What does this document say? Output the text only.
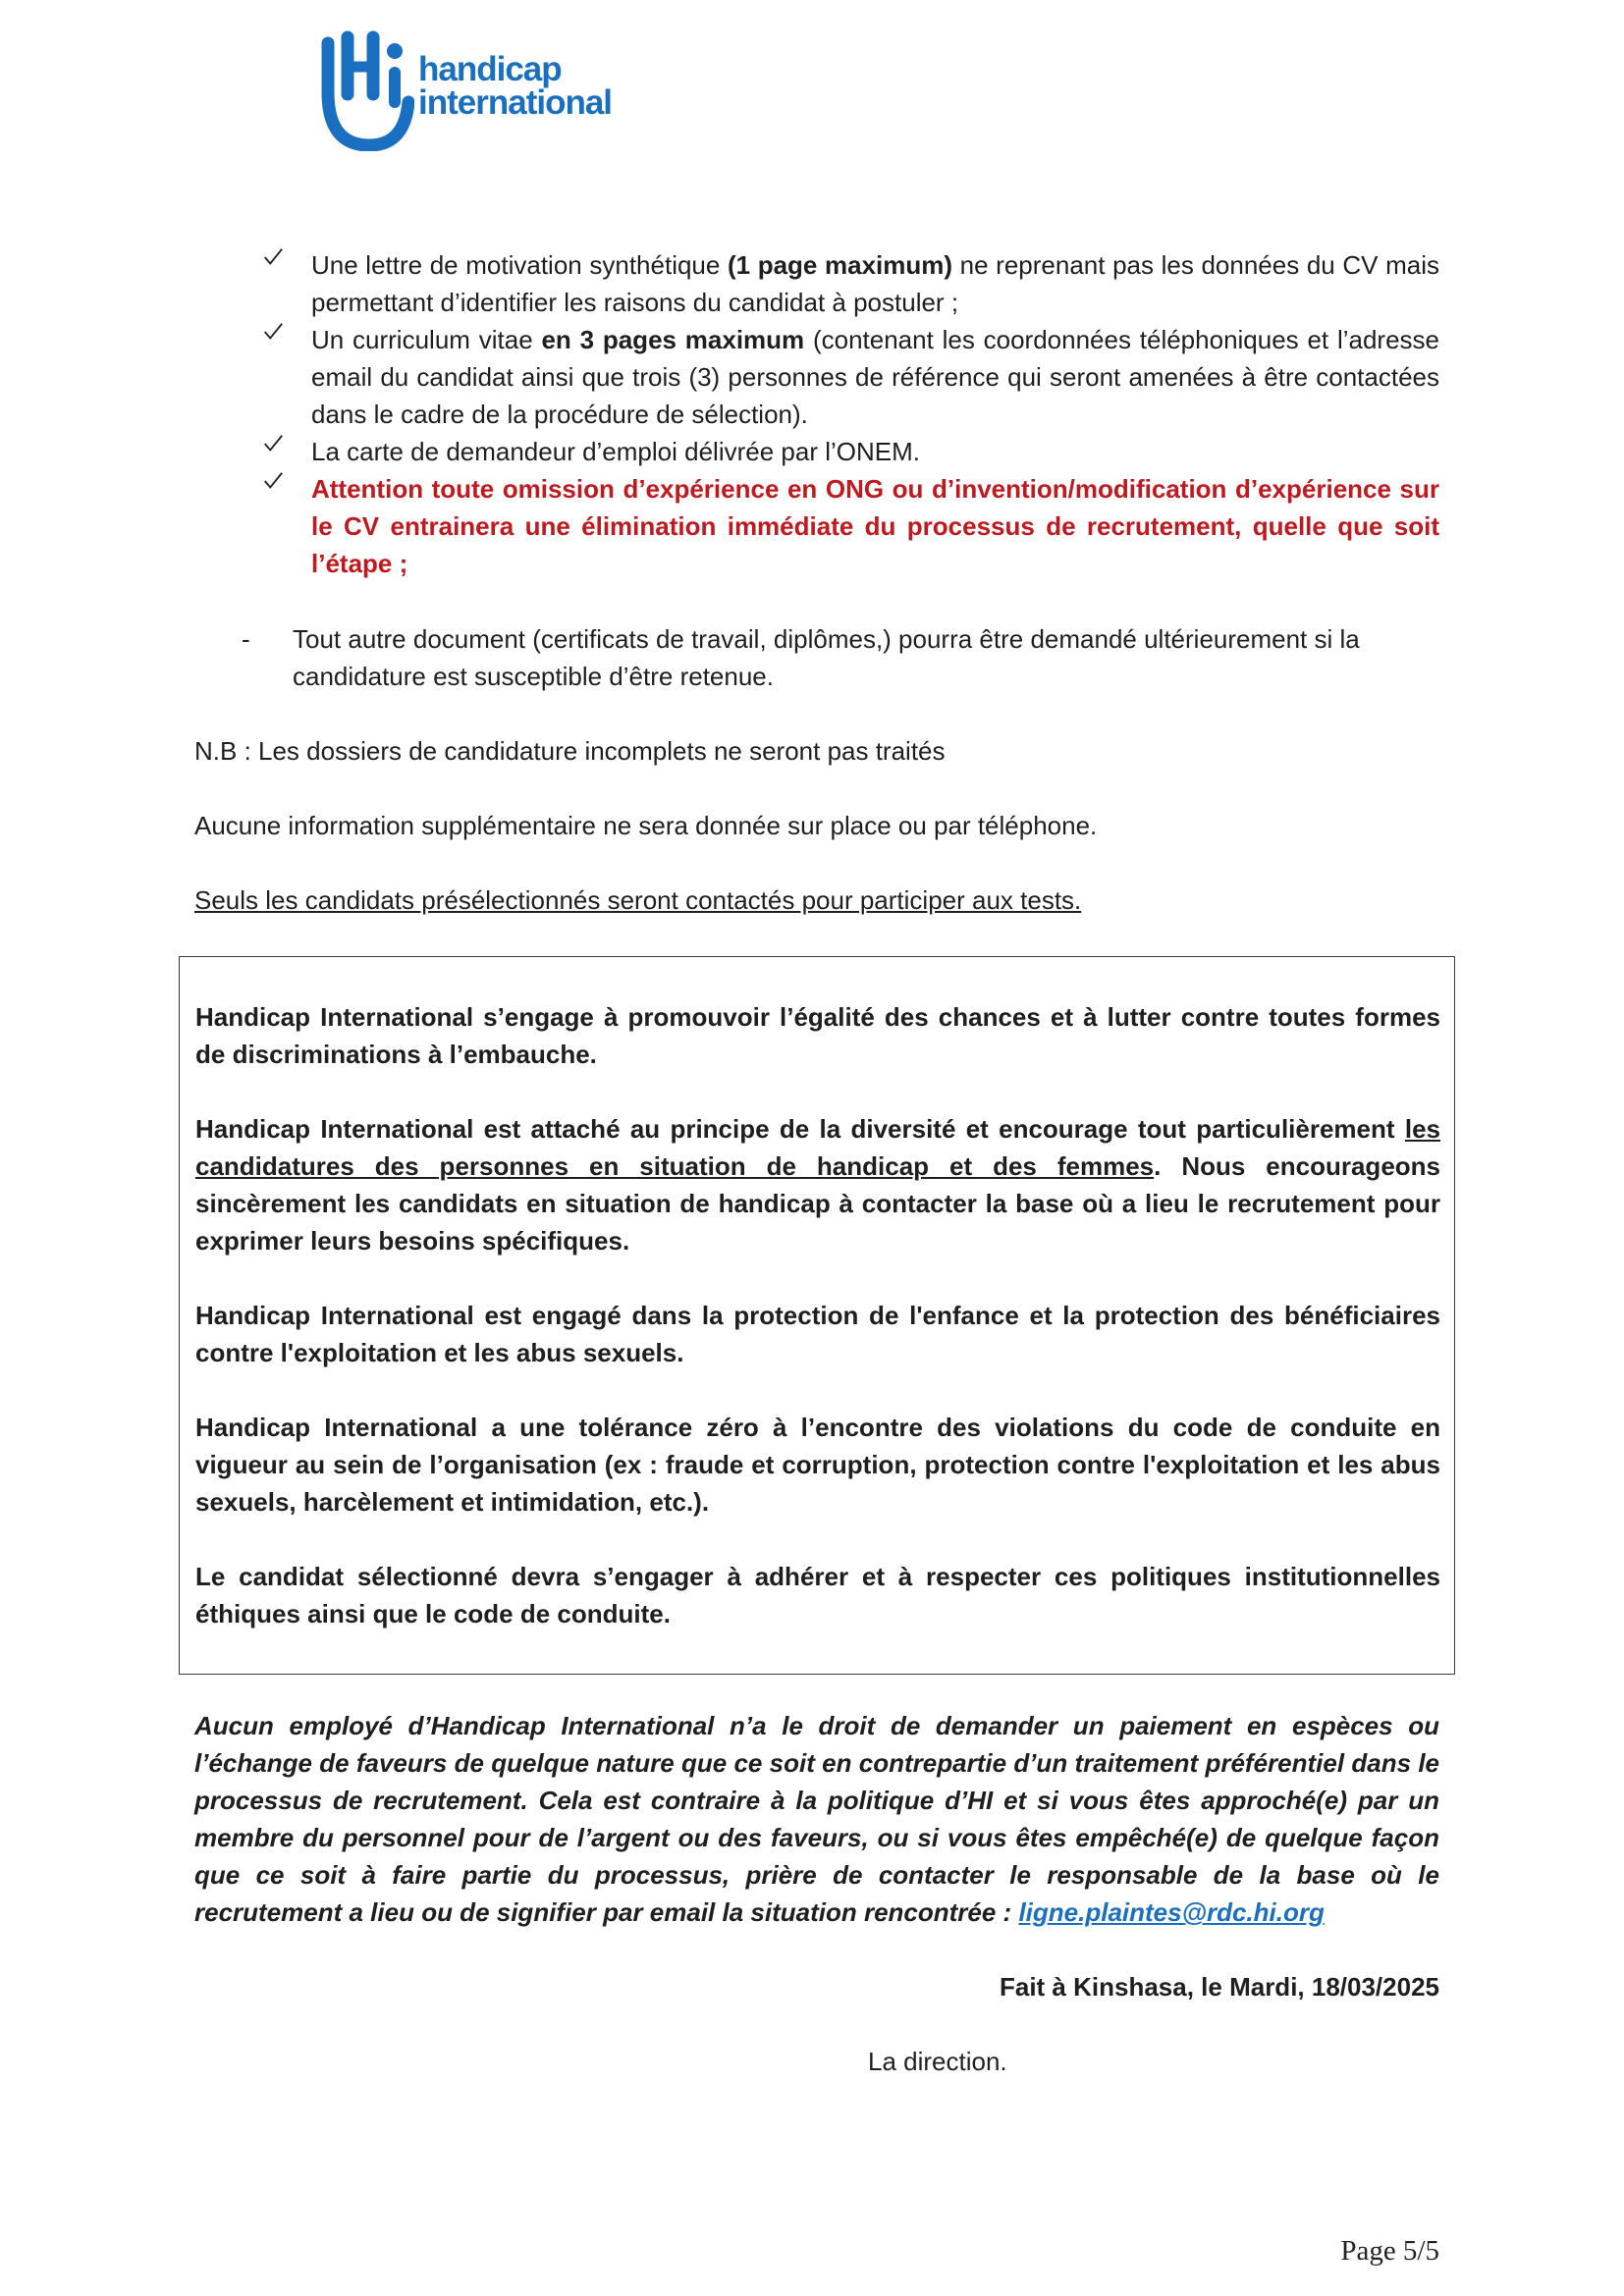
handicap
international
Une lettre de motivation synthétique (1 page maximum) ne reprenant pas les données du CV mais permettant d’identifier les raisons du candidat à postuler ;
Un curriculum vitae en 3 pages maximum (contenant les coordonnées téléphoniques et l’adresse email du candidat ainsi que trois (3) personnes de référence qui seront amenées à être contactées dans le cadre de la procédure de sélection).
La carte de demandeur d’emploi délivrée par l’ONEM.
Attention toute omission d’expérience en ONG ou d’invention/modification d’expérience sur le CV entrainera une élimination immédiate du processus de recrutement, quelle que soit l’étape ;
- Tout autre document (certificats de travail, diplômes,) pourra être demandé ultérieurement si la candidature est susceptible d’être retenue.

N.B : Les dossiers de candidature incomplets ne seront pas traités

Aucune information supplémentaire ne sera donnée sur place ou par téléphone.

Seuls les candidats présélectionnés seront contactés pour participer aux tests.

Handicap International s’engage à promouvoir l’égalité des chances et à lutter contre toutes formes de discriminations à l’embauche.

Handicap International est attaché au principe de la diversité et encourage tout particulièrement les candidatures des personnes en situation de handicap et des femmes. Nous encourageons sincèrement les candidats en situation de handicap à contacter la base où a lieu le recrutement pour exprimer leurs besoins spécifiques.

Handicap International est engagé dans la protection de l'enfance et la protection des bénéficiaires contre l'exploitation et les abus sexuels.

Handicap International a une tolérance zéro à l’encontre des violations du code de conduite en vigueur au sein de l’organisation (ex : fraude et corruption, protection contre l'exploitation et les abus sexuels, harcèlement et intimidation, etc.).

Le candidat sélectionné devra s’engager à adhérer et à respecter ces politiques institutionnelles éthiques ainsi que le code de conduite.

Aucun employé d’Handicap International n’a le droit de demander un paiement en espèces ou l’échange de faveurs de quelque nature que ce soit en contrepartie d’un traitement préférentiel dans le processus de recrutement. Cela est contraire à la politique d’HI et si vous êtes approché(e) par un membre du personnel pour de l’argent ou des faveurs, ou si vous êtes empêché(e) de quelque façon que ce soit à faire partie du processus, prière de contacter le responsable de la base où le recrutement a lieu ou de signifier par email la situation rencontrée : ligne.plaintes@rdc.hi.org

Fait à Kinshasa, le Mardi, 18/03/2025
La direction.
Page 5/5
